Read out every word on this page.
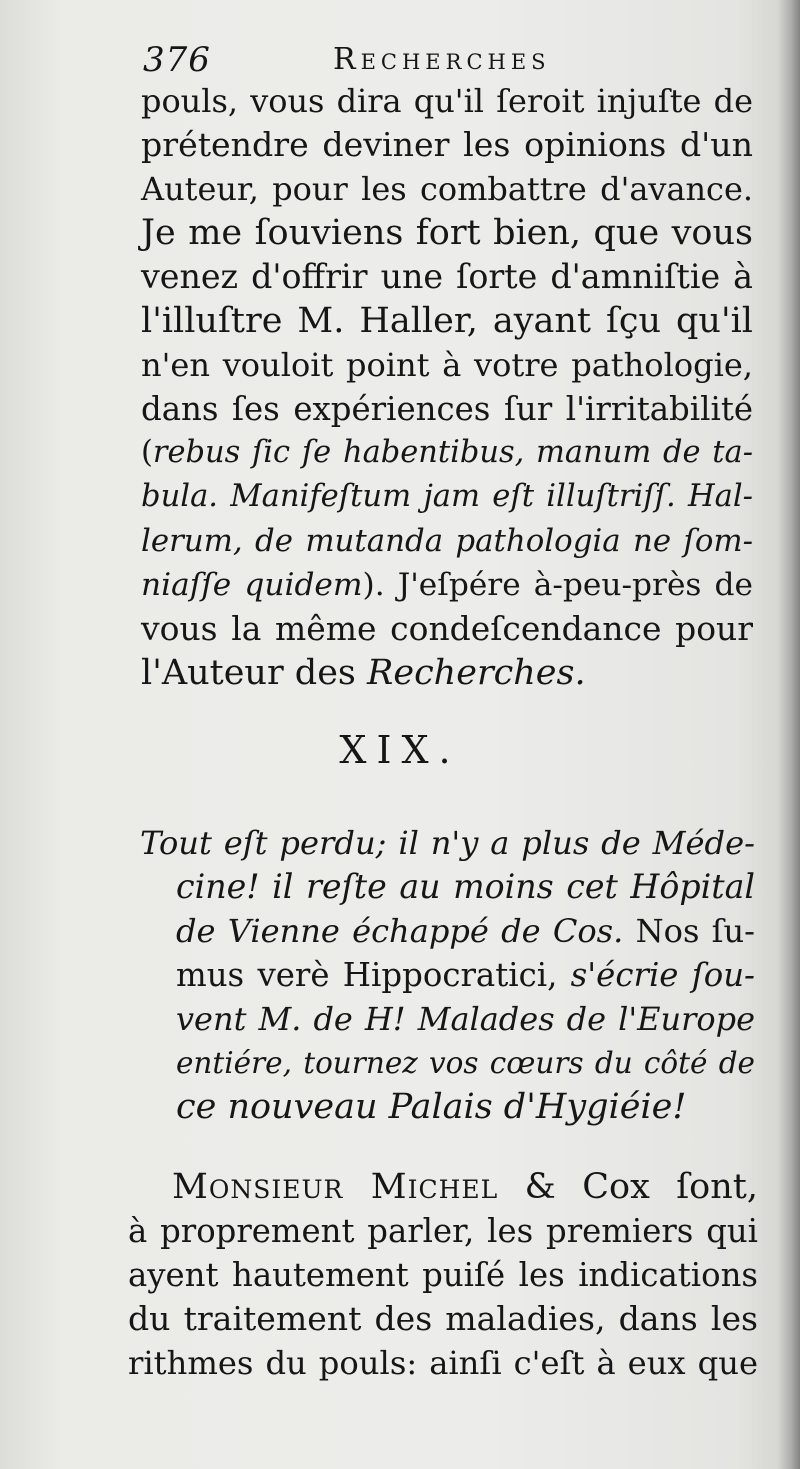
376	Recherches
pouls, vous dira qu'il ſeroit injuſte de
prétendre deviner les opinions d'un
Auteur, pour les combattre d'avance.
Je me ſouviens fort bien, que vous
venez d'offrir une ſorte d'amniſtie à
l'illuſtre M. Haller, ayant ſçu qu'il
n'en vouloit point à votre pathologie,
dans ſes expériences ſur l'irritabilité
(rebus ſic ſe habentibus, manum de ta-
bula. Manifeſtum jam eſt illuſtriſſ. Hal-
lerum, de mutanda pathologia ne ſom-
niaſſe quidem). J'eſpére à-peu-près de
vous la même condeſcendance pour
l'Auteur des Recherches.
XIX.
Tout eſt perdu; il n'y a plus de Méde-
cine! il reſte au moins cet Hôpital
de Vienne échappé de Cos. Nos ſu-
mus verè Hippocratici, s'écrie ſou-
vent M. de H! Malades de l'Europe
entiére, tournez vos cœurs du côté de
ce nouveau Palais d'Hygiéie!
Monsieur Michel & Cox ſont,
à proprement parler, les premiers qui
ayent hautement puiſé les indications
du traitement des maladies, dans les
rithmes du pouls: ainſi c'eſt à eux que
